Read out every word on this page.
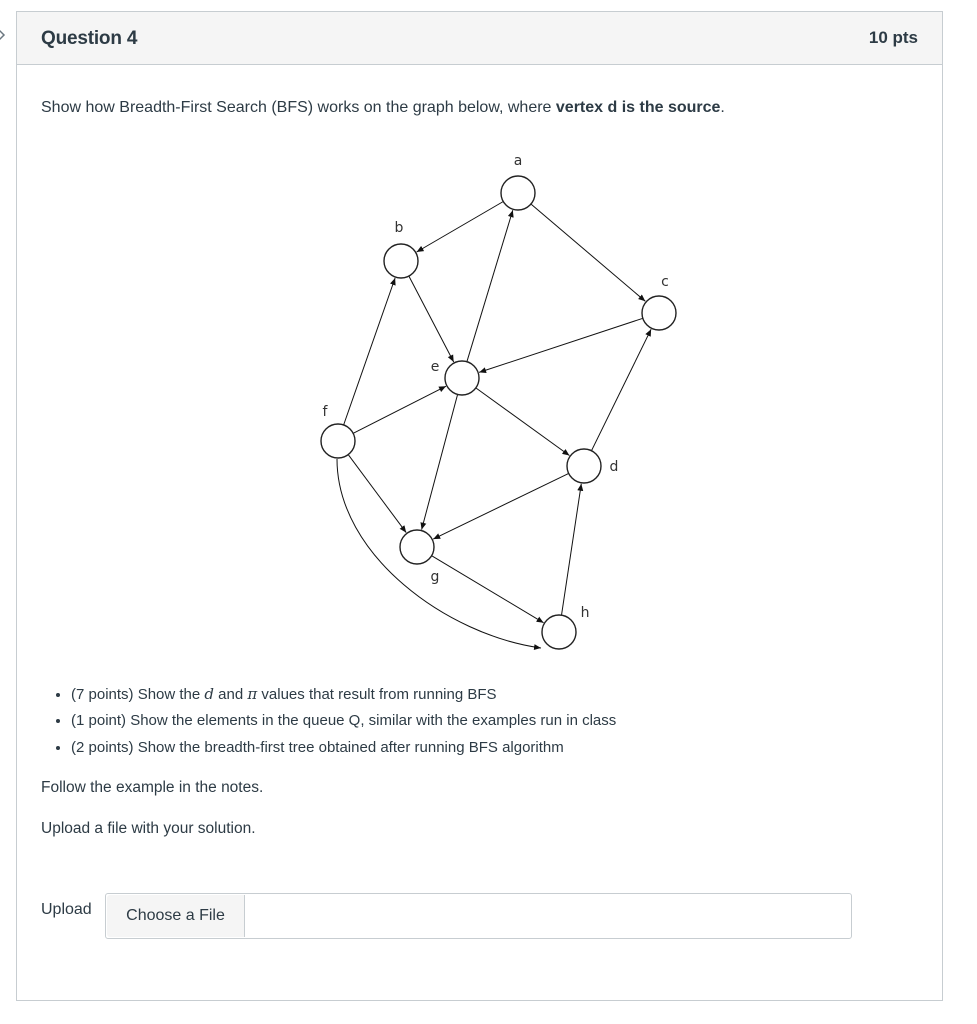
Question 4	10 pts
Show how Breadth-First Search (BFS) works on the graph below, where vertex d is the source.
a
b
c
e
f
d
g
h
• (7 points) Show the d and π values that result from running BFS
• (1 point) Show the elements in the queue Q, similar with the examples run in class
• (2 points) Show the breadth-first tree obtained after running BFS algorithm
Follow the example in the notes.
Upload a file with your solution.
Upload	Choose a File
